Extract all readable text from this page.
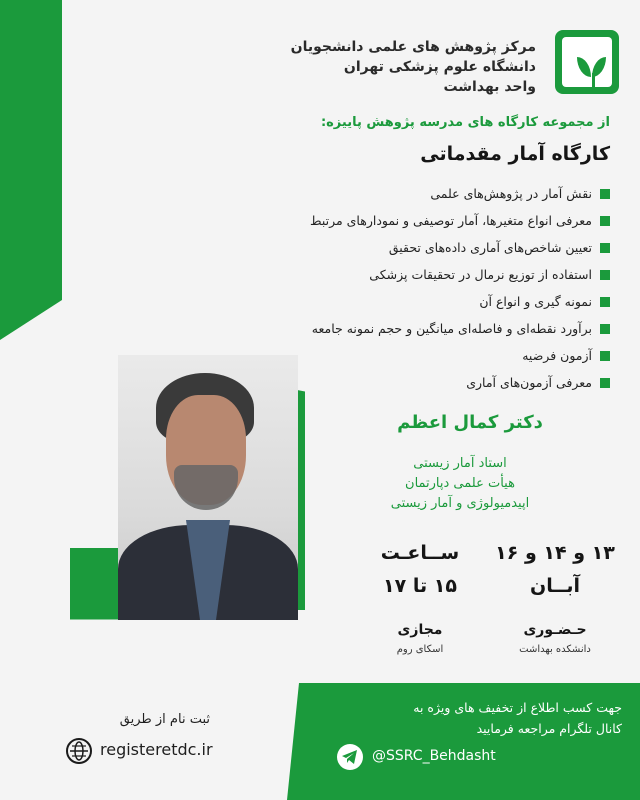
مرکز پژوهش های علمی دانشجویان
دانشگاه علوم پزشکی تهران
واحد بهداشت
از مجموعه کارگاه های مدرسه پژوهش پاییزه:
کارگاه آمار مقدماتی
نقش آمار در پژوهش‌های علمی
معرفی انواع متغیرها، آمار توصیفی و نمودارهای مرتبط
تعیین شاخص‌های آماری داده‌های تحقیق
استفاده از توزیع نرمال در تحقیقات پزشکی
نمونه گیری و انواع آن
برآورد نقطه‌ای و فاصله‌ای میانگین و حجم نمونه جامعه
آزمون فرضیه
معرفی آزمون‌های آماری
دکتر کمال اعظم
استاد آمار زیستی
هیأت علمی دپارتمان
اپیدمیولوژی و آمار زیستی
۱۳ و ۱۴ و ۱۶
آبــان
ســاعـت
۱۵ تا ۱۷
حـضـوری
دانشکده بهداشت
مجازی
اسکای روم
ثبت نام از طریق
registeretdc.ir
جهت کسب اطلاع از تخفیف های ویژه به
کانال تلگرام مراجعه فرمایید
@SSRC_Behdasht
